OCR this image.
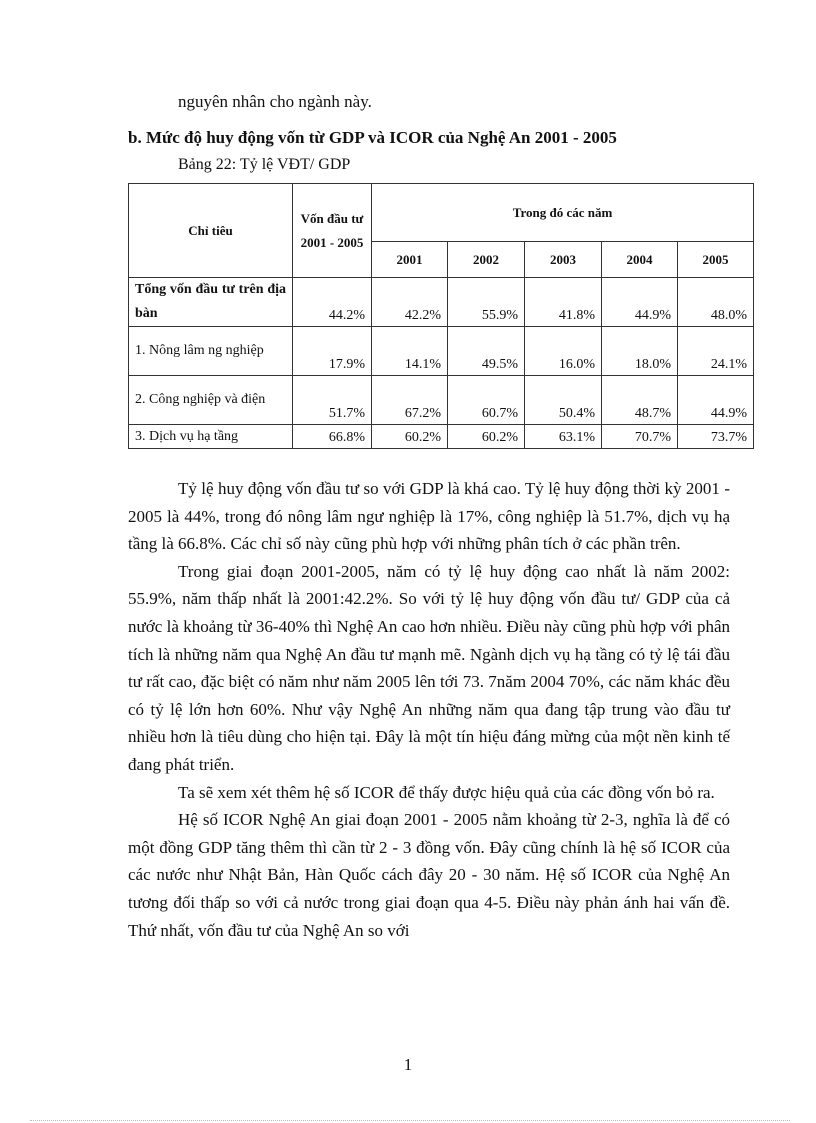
nguyên nhân cho ngành này.
b. Mức độ huy động vốn từ GDP và ICOR của Nghệ An 2001 - 2005
Bảng 22: Tỷ lệ VĐT/ GDP
Chỉ tiêu	Vốn đầu tư 2001 - 2005	Trong đó các năm				
		2001	2002	2003	2004	2005
Tổng vốn đầu tư trên địa bàn	44.2%	42.2%	55.9%	41.8%	44.9%	48.0%
1. Nông lâm ng nghiệp	17.9%	14.1%	49.5%	16.0%	18.0%	24.1%
2. Công nghiệp và điện	51.7%	67.2%	60.7%	50.4%	48.7%	44.9%
3. Dịch vụ hạ tầng	66.8%	60.2%	60.2%	63.1%	70.7%	73.7%

Tỷ lệ huy động vốn đầu tư so với GDP là khá cao. Tỷ lệ huy động thời kỳ 2001 - 2005 là 44%, trong đó nông lâm ngư nghiệp là 17%, công nghiệp là 51.7%, dịch vụ hạ tầng là 66.8%. Các chỉ số này cũng phù hợp với những phân tích ở các phần trên.

Trong giai đoạn 2001-2005, năm có tỷ lệ huy động cao nhất là năm 2002: 55.9%, năm thấp nhất là 2001:42.2%. So với tỷ lệ huy động vốn đầu tư/ GDP của cả nước là khoảng từ 36-40% thì Nghệ An cao hơn nhiều. Điều này cũng phù hợp với phân tích là những năm qua Nghệ An đầu tư mạnh mẽ. Ngành dịch vụ hạ tầng có tỷ lệ tái đầu tư rất cao, đặc biệt có năm như năm 2005 lên tới 73. 7năm 2004 70%, các năm khác đều có tỷ lệ lớn hơn 60%. Như vậy Nghệ An những năm qua đang tập trung vào đầu tư nhiều hơn là tiêu dùng cho hiện tại. Đây là một tín hiệu đáng mừng của một nền kinh tế đang phát triển.

Ta sẽ xem xét thêm hệ số ICOR để thấy được hiệu quả của các đồng vốn bỏ ra.

Hệ số ICOR Nghệ An giai đoạn 2001 - 2005 nằm khoảng từ 2-3, nghĩa là để có một đồng GDP tăng thêm thì cần từ 2 - 3 đồng vốn. Đây cũng chính là hệ số ICOR của các nước như Nhật Bản, Hàn Quốc cách đây 20 - 30 năm. Hệ số ICOR của Nghệ An tương đối thấp so với cả nước trong giai đoạn qua 4-5. Điều này phản ánh hai vấn đề. Thứ nhất, vốn đầu tư của Nghệ An so với

1
